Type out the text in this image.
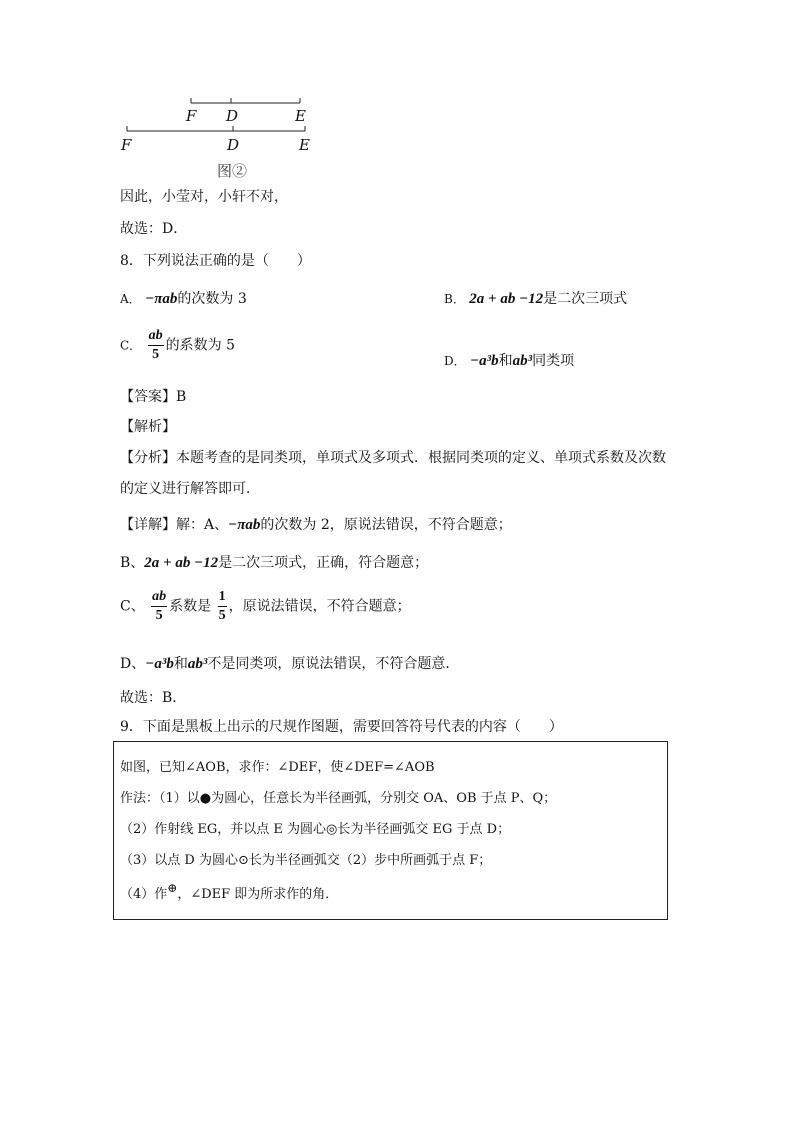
F D	E
F	D	E
图②
因此，小莹对，小轩不对，
故选：D．
8．下列说法正确的是（　　）
A． −πab的次数为 3	B． 2a + ab −12是二次三项式
C． $\frac{ab}{5}$ 的系数为 5
D． −a³b和ab³同类项
【答案】B
【解析】
【分析】本题考查的是同类项，单项式及多项式．根据同类项的定义、单项式系数及次数
的定义进行解答即可．
【详解】解：A、−πab的次数为 2，原说法错误，不符合题意；
B、2a + ab −12是二次三项式，正确，符合题意；
C、 $\frac{ab}{5}$ 系数是 $\frac{1}{5}$ ，原说法错误，不符合题意；
D、−a³b和ab³不是同类项，原说法错误，不符合题意．
故选：B．
9．下面是黑板上出示的尺规作图题，需要回答符号代表的内容（　　）
如图，已知∠AOB，求作：∠DEF，使∠DEF=∠AOB
作法：（1）以●为圆心，任意长为半径画弧，分别交 OA、OB 于点 P、Q；
（2）作射线 EG，并以点 E 为圆心◎长为半径画弧交 EG 于点 D；
（3）以点 D 为圆心⊙长为半径画弧交（2）步中所画弧于点 F；
（4）作⊕，∠DEF 即为所求作的角．
